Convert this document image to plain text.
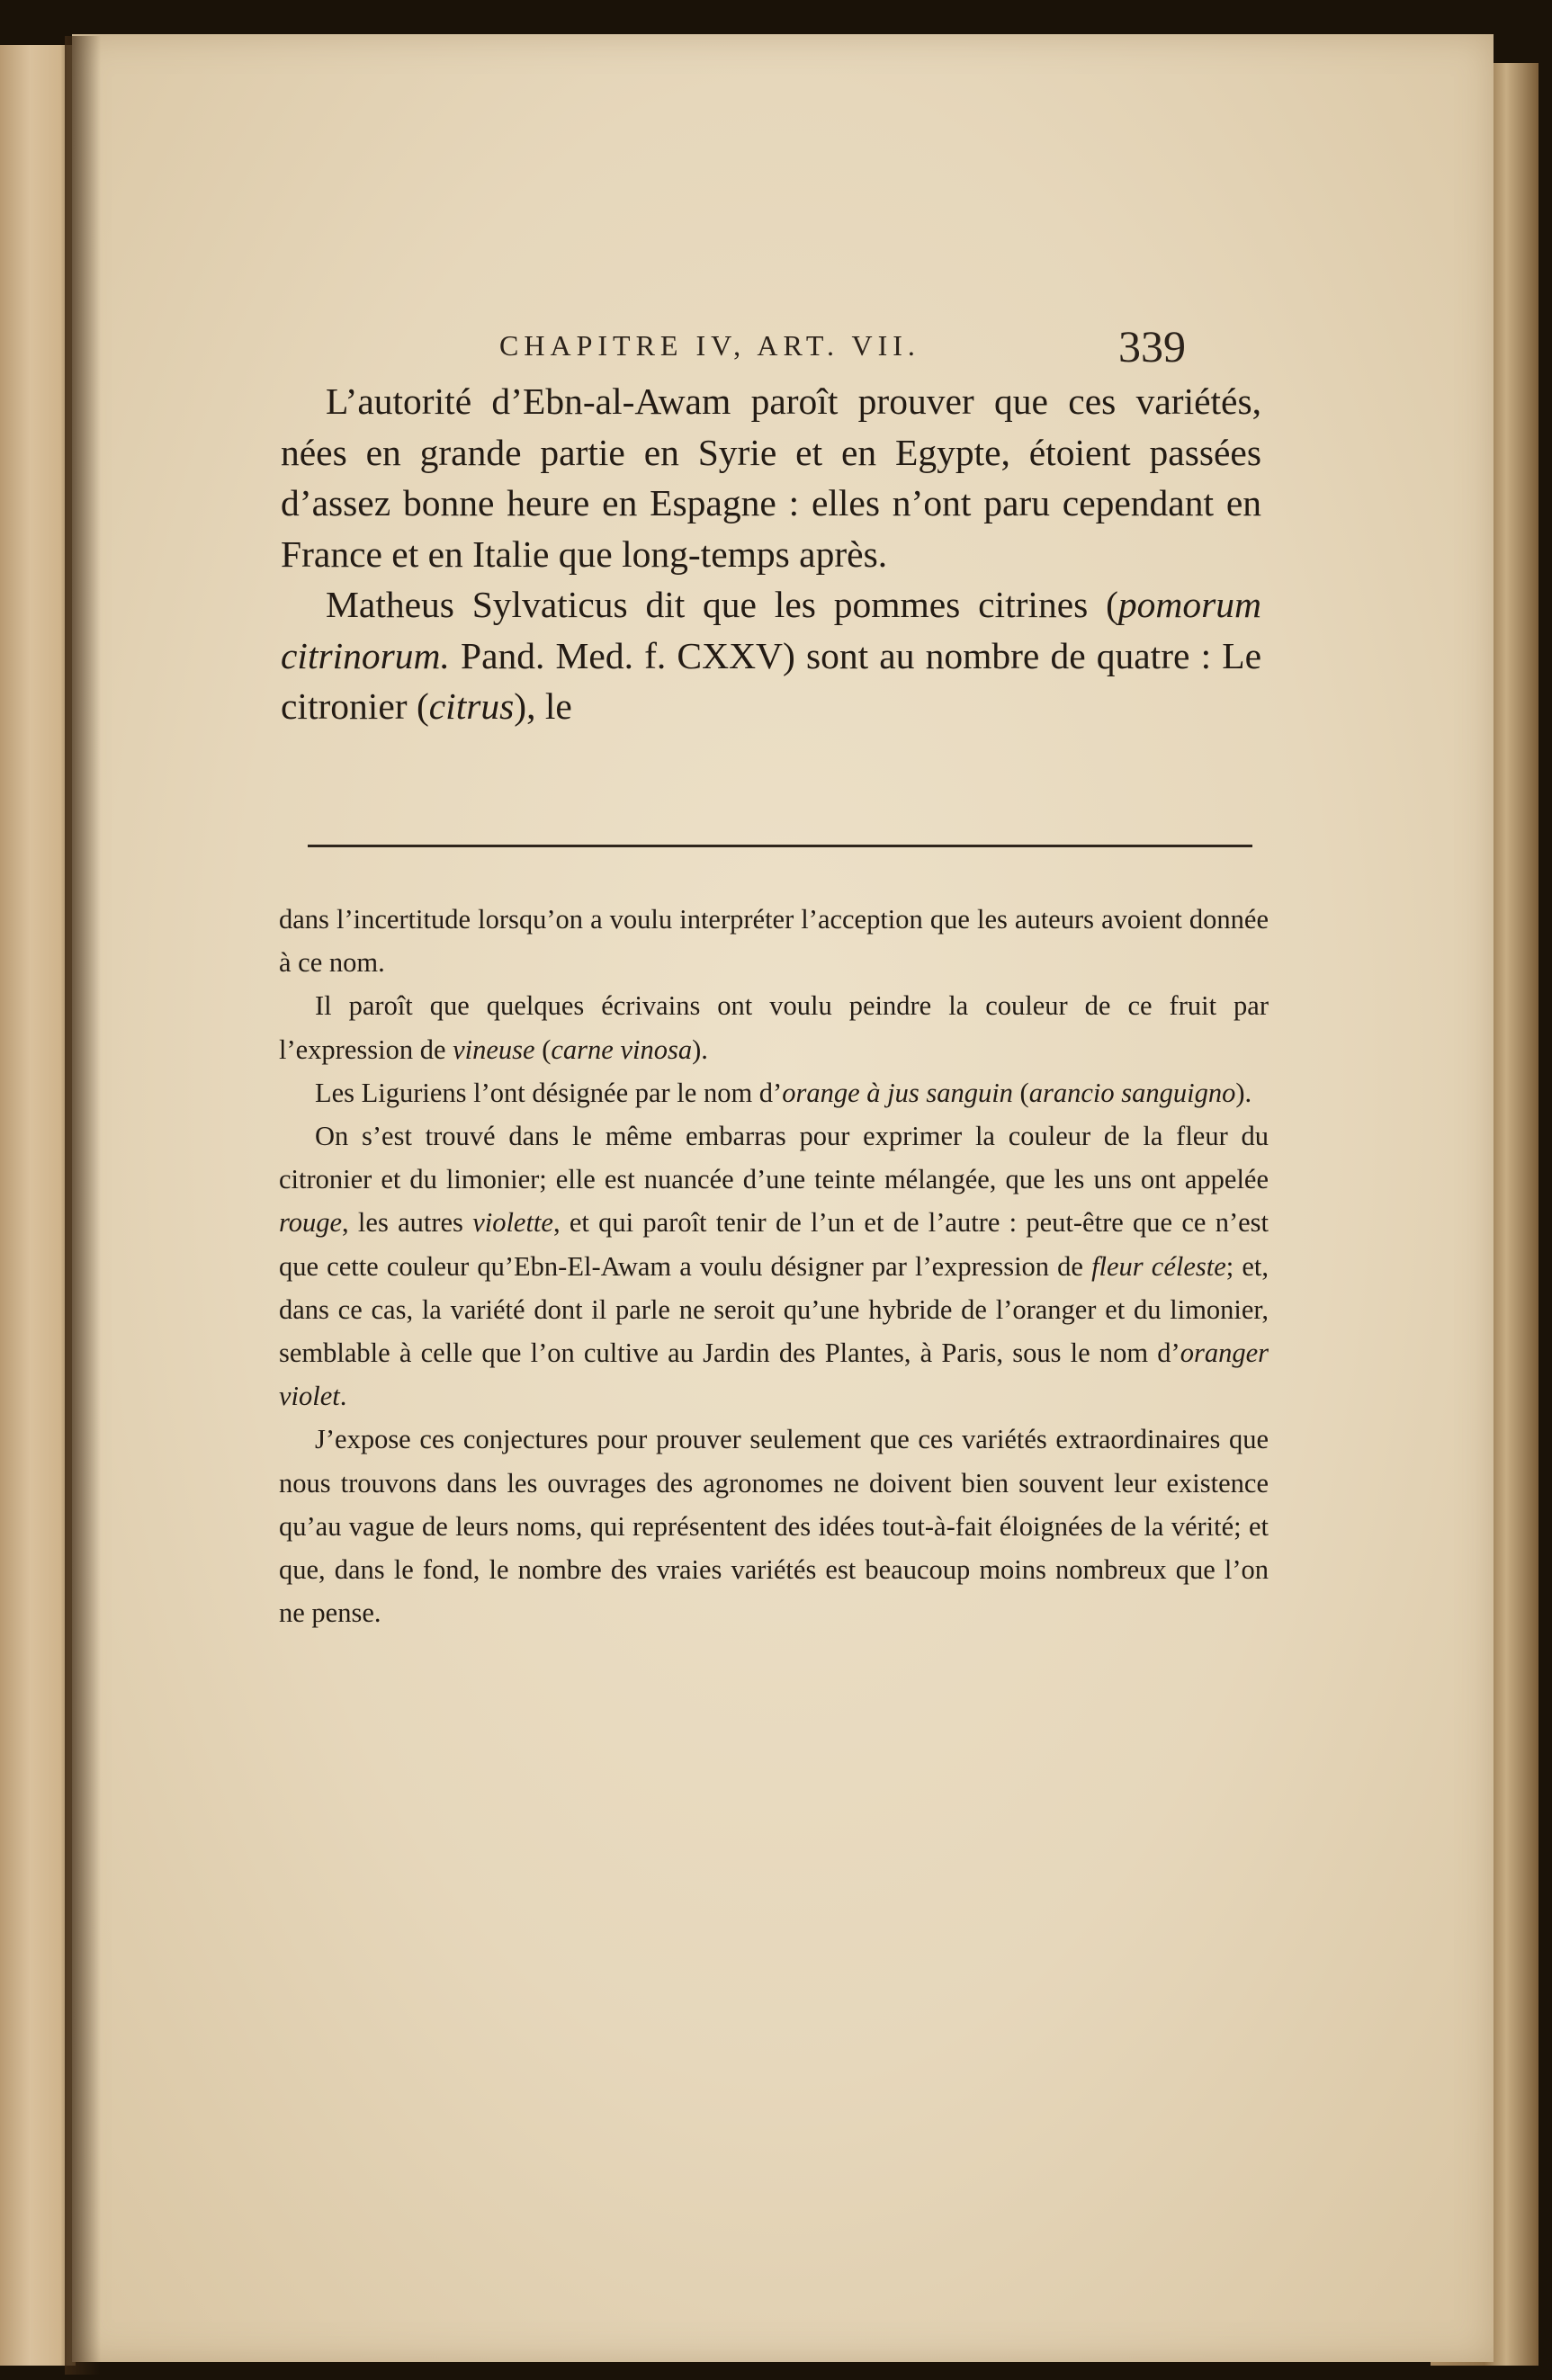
CHAPITRE IV, ART. VII.	339

L’autorité d’Ebn-al-Awam paroît prouver que ces variétés, nées en grande partie en Syrie et en Egypte, étoient passées d’assez bonne heure en Espagne : elles n’ont paru cependant en France et en Italie que long-temps après.

Matheus Sylvaticus dit que les pommes citrines (pomorum citrinorum. Pand. Med. f. CXXV) sont au nombre de quatre : Le citronier (citrus), le

dans l’incertitude lorsqu’on a voulu interpréter l’acception que les auteurs avoient donnée à ce nom.

Il paroît que quelques écrivains ont voulu peindre la couleur de ce fruit par l’expression de vineuse (carne vinosa).

Les Liguriens l’ont désignée par le nom d’orange à jus sanguin (arancio sanguigno).

On s’est trouvé dans le même embarras pour exprimer la couleur de la fleur du citronier et du limonier; elle est nuancée d’une teinte mélangée, que les uns ont appelée rouge, les autres violette, et qui paroît tenir de l’un et de l’autre : peut-être que ce n’est que cette couleur qu’Ebn-El-Awam a voulu désigner par l’expression de fleur céleste; et, dans ce cas, la variété dont il parle ne seroit qu’une hybride de l’oranger et du limonier, semblable à celle que l’on cultive au Jardin des Plantes, à Paris, sous le nom d’oranger violet.

J’expose ces conjectures pour prouver seulement que ces variétés extraordinaires que nous trouvons dans les ouvrages des agronomes ne doivent bien souvent leur existence qu’au vague de leurs noms, qui représentent des idées tout-à-fait éloignées de la vérité; et que, dans le fond, le nombre des vraies variétés est beaucoup moins nombreux que l’on ne pense.
